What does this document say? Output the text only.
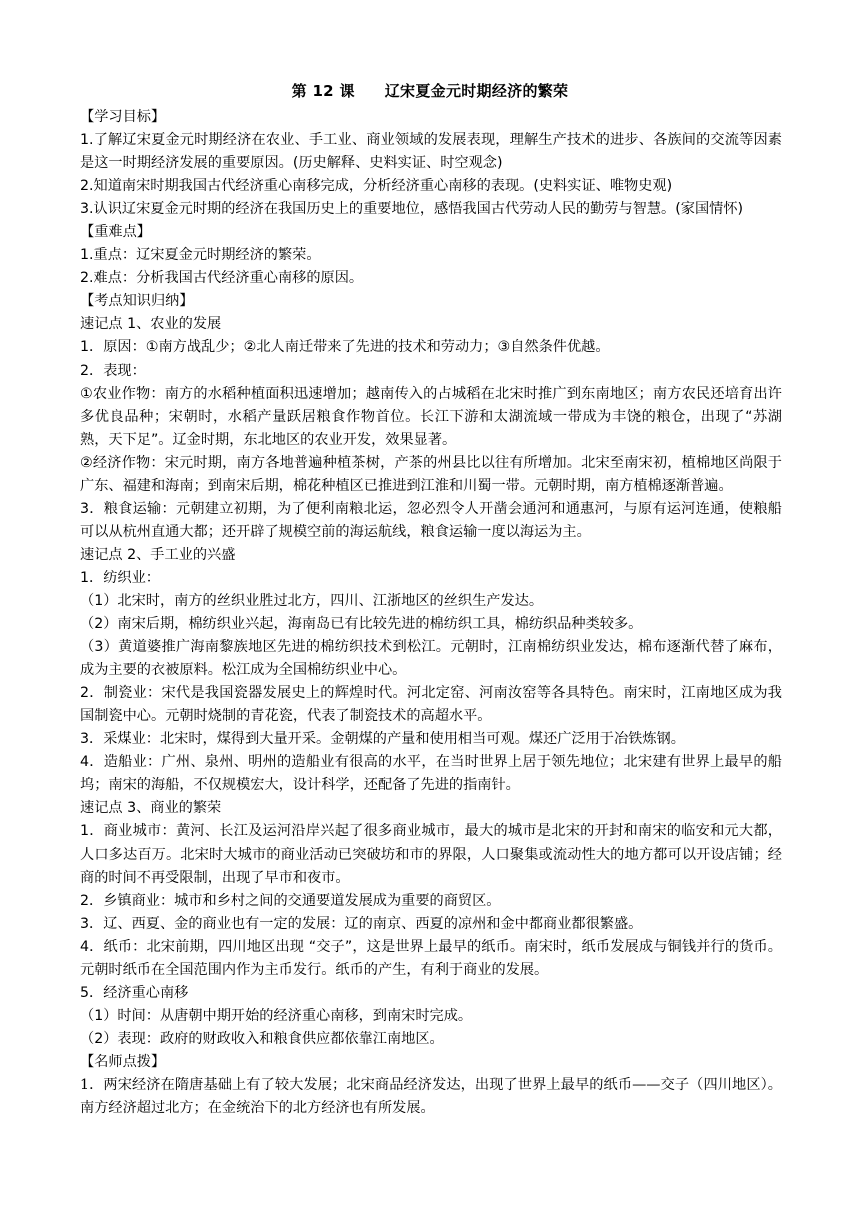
第 12 课 辽宋夏金元时期经济的繁荣

【学习目标】

1.了解辽宋夏金元时期经济在农业、手工业、商业领域的发展表现，理解生产技术的进步、各族间的交流等因素是这一时期经济发展的重要原因。(历史解释、史料实证、时空观念)

2.知道南宋时期我国古代经济重心南移完成，分析经济重心南移的表现。(史料实证、唯物史观)

3.认识辽宋夏金元时期的经济在我国历史上的重要地位，感悟我国古代劳动人民的勤劳与智慧。(家国情怀)

【重难点】

1.重点：辽宋夏金元时期经济的繁荣。

2.难点：分析我国古代经济重心南移的原因。

【考点知识归纳】

速记点 1、农业的发展

1．原因：①南方战乱少；②北人南迁带来了先进的技术和劳动力；③自然条件优越。

2．表现：

①农业作物：南方的水稻种植面积迅速增加；越南传入的占城稻在北宋时推广到东南地区；南方农民还培育出许多优良品种；宋朝时，水稻产量跃居粮食作物首位。长江下游和太湖流域一带成为丰饶的粮仓，出现了“苏湖熟，天下足”。辽金时期，东北地区的农业开发，效果显著。

②经济作物：宋元时期，南方各地普遍种植茶树，产茶的州县比以往有所增加。北宋至南宋初，植棉地区尚限于广东、福建和海南；到南宋后期，棉花种植区已推进到江淮和川蜀一带。元朝时期，南方植棉逐渐普遍。

3．粮食运输：元朝建立初期，为了便利南粮北运，忽必烈令人开凿会通河和通惠河，与原有运河连通，使粮船可以从杭州直通大都；还开辟了规模空前的海运航线，粮食运输一度以海运为主。

速记点 2、手工业的兴盛

1．纺织业：

（1）北宋时，南方的丝织业胜过北方，四川、江浙地区的丝织生产发达。

（2）南宋后期，棉纺织业兴起，海南岛已有比较先进的棉纺织工具，棉纺织品种类较多。

（3）黄道婆推广海南黎族地区先进的棉纺织技术到松江。元朝时，江南棉纺织业发达，棉布逐渐代替了麻布，成为主要的衣被原料。松江成为全国棉纺织业中心。

2．制瓷业：宋代是我国瓷器发展史上的辉煌时代。河北定窑、河南汝窑等各具特色。南宋时，江南地区成为我国制瓷中心。元朝时烧制的青花瓷，代表了制瓷技术的高超水平。

3．采煤业：北宋时，煤得到大量开采。金朝煤的产量和使用相当可观。煤还广泛用于冶铁炼钢。

4．造船业：广州、泉州、明州的造船业有很高的水平，在当时世界上居于领先地位；北宋建有世界上最早的船坞；南宋的海船，不仅规模宏大，设计科学，还配备了先进的指南针。

速记点 3、商业的繁荣

1．商业城市：黄河、长江及运河沿岸兴起了很多商业城市，最大的城市是北宋的开封和南宋的临安和元大都，人口多达百万。北宋时大城市的商业活动已突破坊和市的界限，人口聚集或流动性大的地方都可以开设店铺；经商的时间不再受限制，出现了早市和夜市。

2．乡镇商业：城市和乡村之间的交通要道发展成为重要的商贸区。

3．辽、西夏、金的商业也有一定的发展：辽的南京、西夏的凉州和金中都商业都很繁盛。

4．纸币：北宋前期，四川地区出现 “交子”，这是世界上最早的纸币。南宋时，纸币发展成与铜钱并行的货币。元朝时纸币在全国范围内作为主币发行。纸币的产生，有利于商业的发展。

5．经济重心南移

（1）时间：从唐朝中期开始的经济重心南移，到南宋时完成。

（2）表现：政府的财政收入和粮食供应都依靠江南地区。

【名师点拨】

1．两宋经济在隋唐基础上有了较大发展；北宋商品经济发达，出现了世界上最早的纸币——交子（四川地区）。南方经济超过北方；在金统治下的北方经济也有所发展。
